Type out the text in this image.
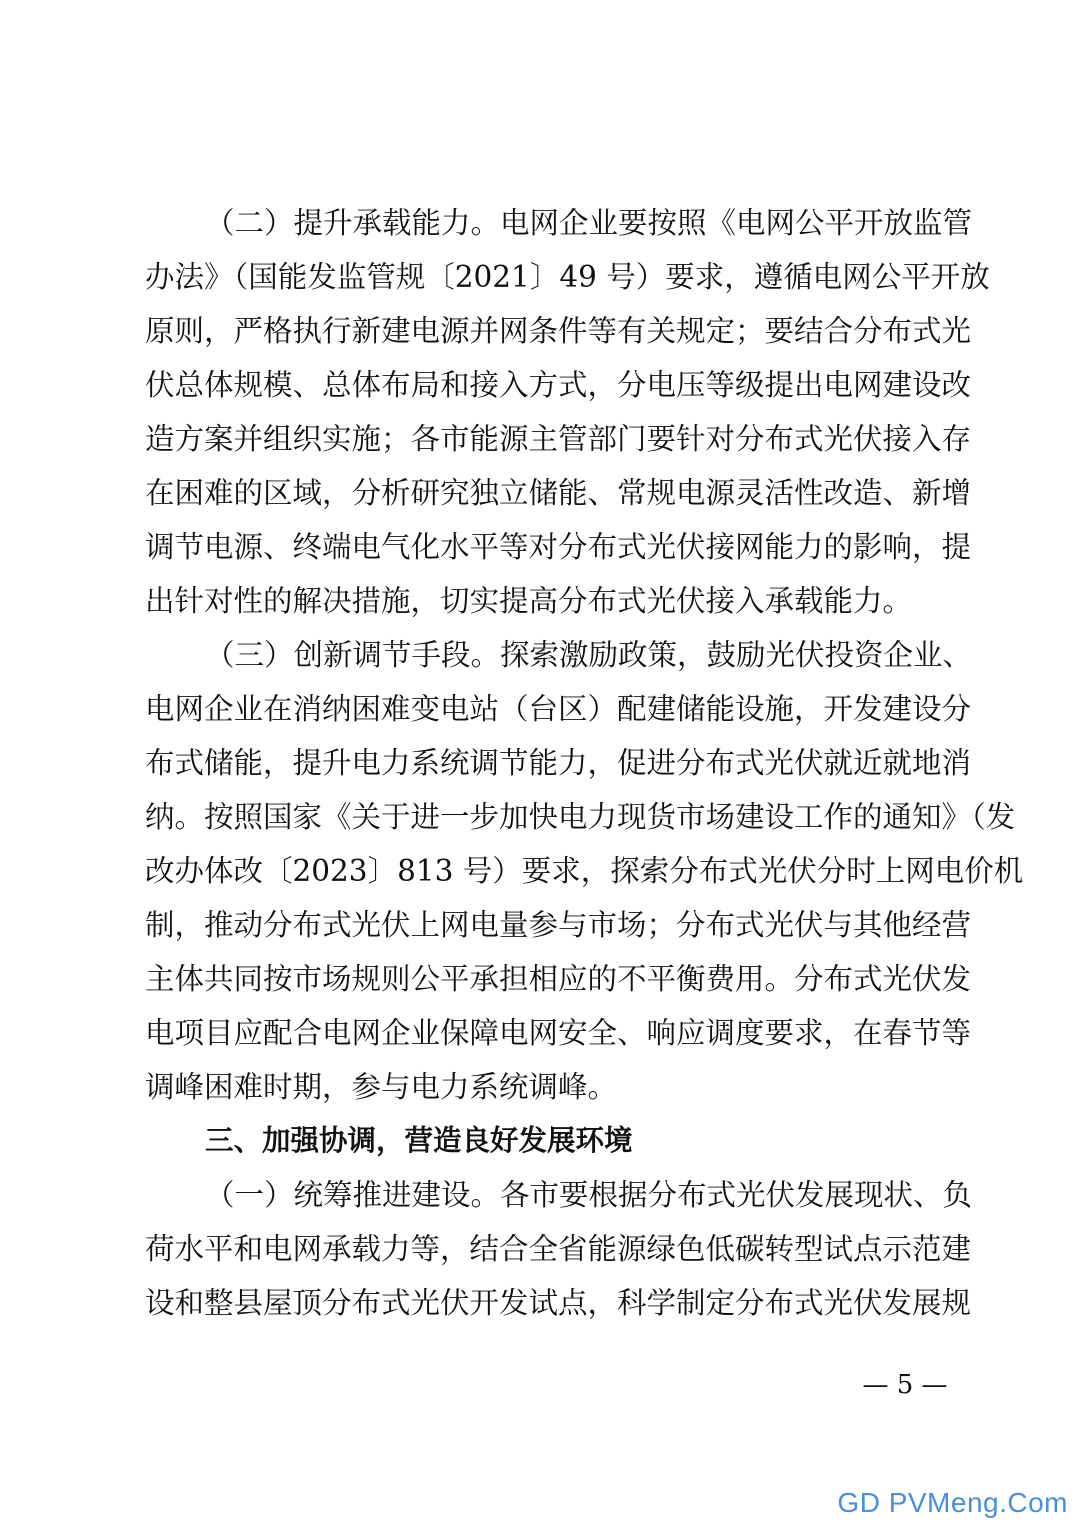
（二）提升承载能力。电网企业要按照《电网公平开放监管
办法》（国能发监管规〔2021〕49 号）要求，遵循电网公平开放
原则，严格执行新建电源并网条件等有关规定；要结合分布式光
伏总体规模、总体布局和接入方式，分电压等级提出电网建设改
造方案并组织实施；各市能源主管部门要针对分布式光伏接入存
在困难的区域，分析研究独立储能、常规电源灵活性改造、新增
调节电源、终端电气化水平等对分布式光伏接网能力的影响，提
出针对性的解决措施，切实提高分布式光伏接入承载能力。
（三）创新调节手段。探索激励政策，鼓励光伏投资企业、
电网企业在消纳困难变电站（台区）配建储能设施，开发建设分
布式储能，提升电力系统调节能力，促进分布式光伏就近就地消
纳。按照国家《关于进一步加快电力现货市场建设工作的通知》（发
改办体改〔2023〕813 号）要求，探索分布式光伏分时上网电价机
制，推动分布式光伏上网电量参与市场；分布式光伏与其他经营
主体共同按市场规则公平承担相应的不平衡费用。分布式光伏发
电项目应配合电网企业保障电网安全、响应调度要求，在春节等
调峰困难时期，参与电力系统调峰。
三、加强协调，营造良好发展环境
（一）统筹推进建设。各市要根据分布式光伏发展现状、负
荷水平和电网承载力等，结合全省能源绿色低碳转型试点示范建
设和整县屋顶分布式光伏开发试点，科学制定分布式光伏发展规
— 5 —
GD PVMeng.Com
